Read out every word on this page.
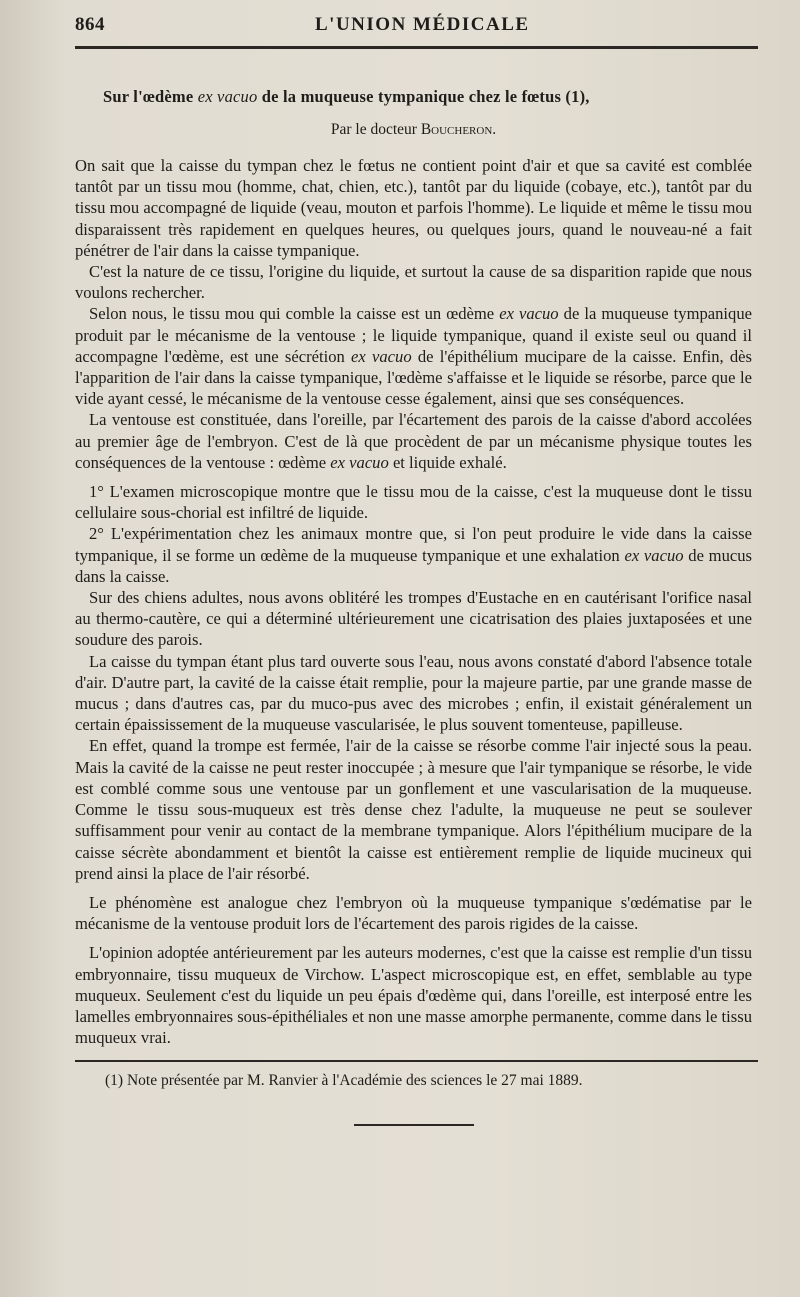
864	L'UNION MÉDICALE
Sur l'œdème ex vacuo de la muqueuse tympanique chez le fœtus (1),
Par le docteur Boucheron.

On sait que la caisse du tympan chez le fœtus ne contient point d'air et que sa cavité est comblée tantôt par un tissu mou (homme, chat, chien, etc.), tantôt par du liquide (cobaye, etc.), tantôt par du tissu mou accompagné de liquide (veau, mouton et parfois l'homme). Le liquide et même le tissu mou disparaissent très rapidement en quelques heures, ou quelques jours, quand le nouveau-né a fait pénétrer de l'air dans la caisse tympanique.

C'est la nature de ce tissu, l'origine du liquide, et surtout la cause de sa disparition rapide que nous voulons rechercher.

Selon nous, le tissu mou qui comble la caisse est un œdème ex vacuo de la muqueuse tympanique produit par le mécanisme de la ventouse ; le liquide tympanique, quand il existe seul ou quand il accompagne l'œdème, est une sécrétion ex vacuo de l'épithélium mucipare de la caisse. Enfin, dès l'apparition de l'air dans la caisse tympanique, l'œdème s'affaisse et le liquide se résorbe, parce que le vide ayant cessé, le mécanisme de la ventouse cesse également, ainsi que ses conséquences.

La ventouse est constituée, dans l'oreille, par l'écartement des parois de la caisse d'abord accolées au premier âge de l'embryon. C'est de là que procèdent de par un mécanisme physique toutes les conséquences de la ventouse : œdème ex vacuo et liquide exhalé.

1° L'examen microscopique montre que le tissu mou de la caisse, c'est la muqueuse dont le tissu cellulaire sous-chorial est infiltré de liquide.

2° L'expérimentation chez les animaux montre que, si l'on peut produire le vide dans la caisse tympanique, il se forme un œdème de la muqueuse tympanique et une exhalation ex vacuo de mucus dans la caisse.

Sur des chiens adultes, nous avons oblitéré les trompes d'Eustache en en cautérisant l'orifice nasal au thermo-cautère, ce qui a déterminé ultérieurement une cicatrisation des plaies juxtaposées et une soudure des parois.

La caisse du tympan étant plus tard ouverte sous l'eau, nous avons constaté d'abord l'absence totale d'air. D'autre part, la cavité de la caisse était remplie, pour la majeure partie, par une grande masse de mucus ; dans d'autres cas, par du muco-pus avec des microbes ; enfin, il existait généralement un certain épaississement de la muqueuse vascularisée, le plus souvent tomenteuse, papilleuse.

En effet, quand la trompe est fermée, l'air de la caisse se résorbe comme l'air injecté sous la peau. Mais la cavité de la caisse ne peut rester inoccupée ; à mesure que l'air tympanique se résorbe, le vide est comblé comme sous une ventouse par un gonflement et une vascularisation de la muqueuse. Comme le tissu sous-muqueux est très dense chez l'adulte, la muqueuse ne peut se soulever suffisamment pour venir au contact de la membrane tympanique. Alors l'épithélium mucipare de la caisse sécrète abondamment et bientôt la caisse est entièrement remplie de liquide mucineux qui prend ainsi la place de l'air résorbé.

Le phénomène est analogue chez l'embryon où la muqueuse tympanique s'œdématise par le mécanisme de la ventouse produit lors de l'écartement des parois rigides de la caisse.

L'opinion adoptée antérieurement par les auteurs modernes, c'est que la caisse est remplie d'un tissu embryonnaire, tissu muqueux de Virchow. L'aspect microscopique est, en effet, semblable au type muqueux. Seulement c'est du liquide un peu épais d'œdème qui, dans l'oreille, est interposé entre les lamelles embryonnaires sous-épithéliales et non une masse amorphe permanente, comme dans le tissu muqueux vrai.

(1) Note présentée par M. Ranvier à l'Académie des sciences le 27 mai 1889.
